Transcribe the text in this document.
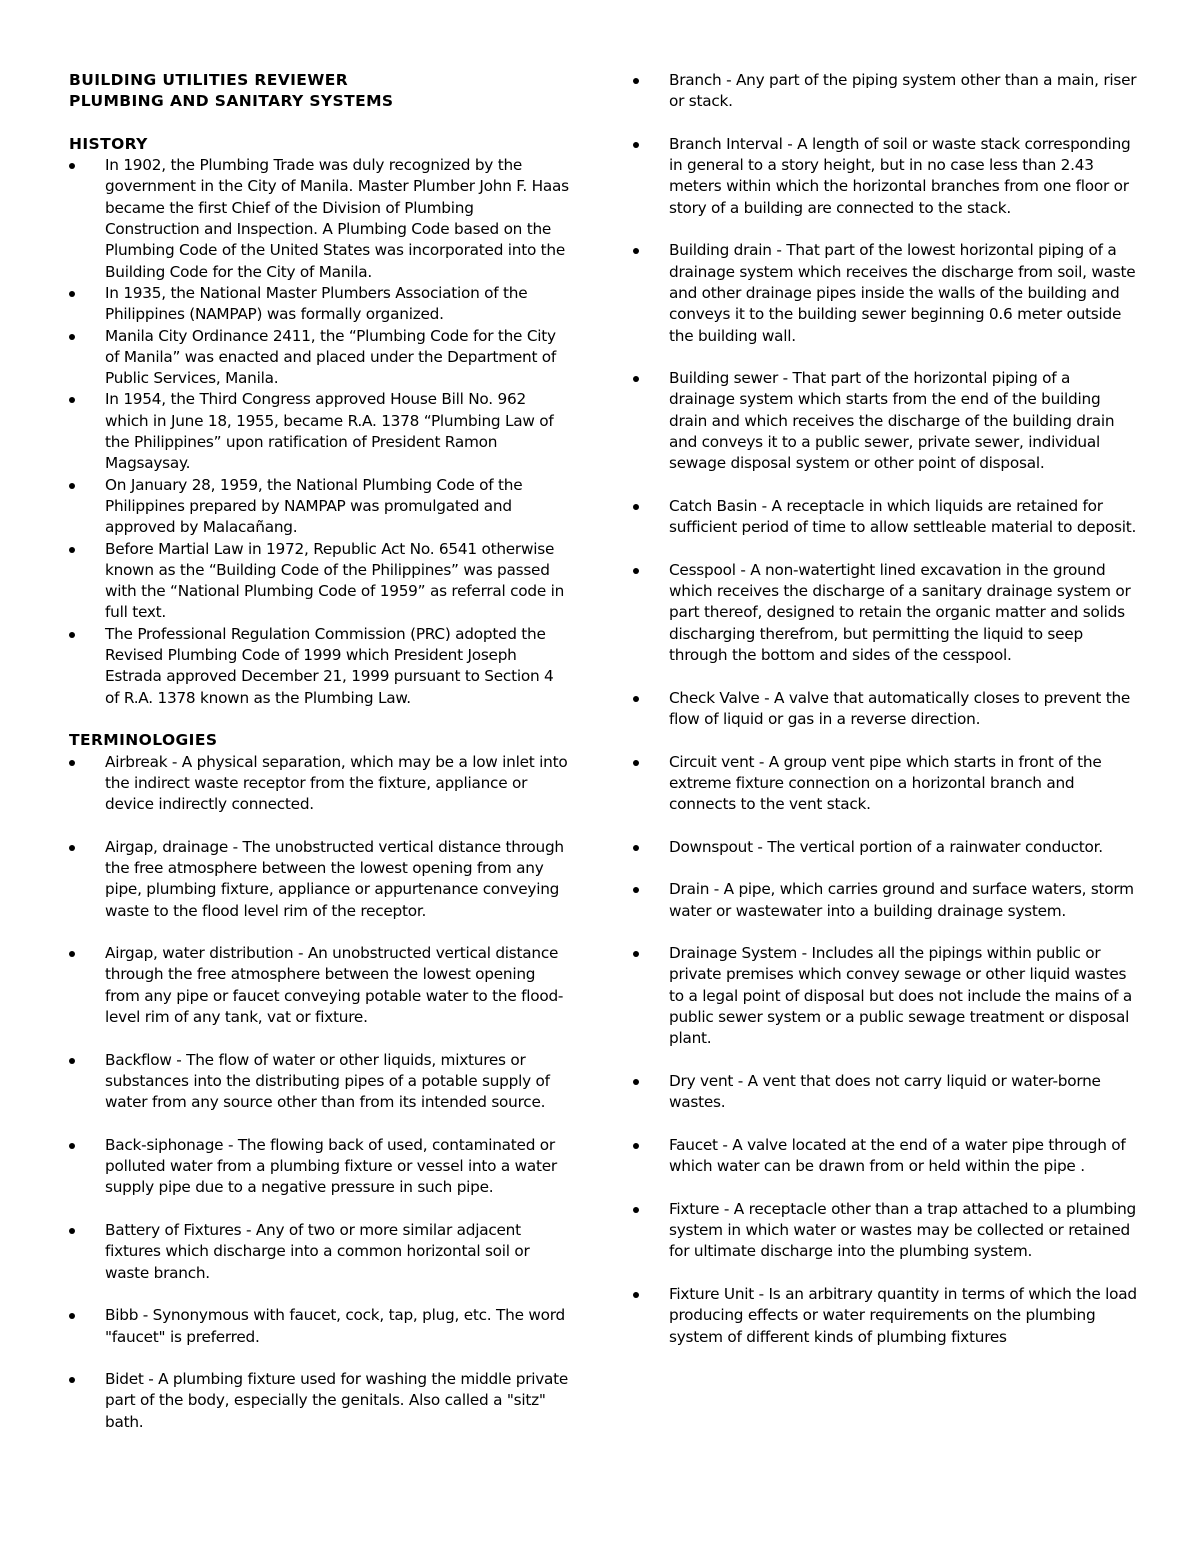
BUILDING UTILITIES REVIEWER
PLUMBING AND SANITARY SYSTEMS
HISTORY
In 1902, the Plumbing Trade was duly recognized by the government in the City of Manila. Master Plumber John F. Haas became the first Chief of the Division of Plumbing Construction and Inspection. A Plumbing Code based on the Plumbing Code of the United States was incorporated into the Building Code for the City of Manila.
In 1935, the National Master Plumbers Association of the Philippines (NAMPAP) was formally organized.
Manila City Ordinance 2411, the “Plumbing Code for the City of Manila” was enacted and placed under the Department of Public Services, Manila.
In 1954, the Third Congress approved House Bill No. 962 which in June 18, 1955, became R.A. 1378 “Plumbing Law of the Philippines” upon ratification of President Ramon Magsaysay.
On January 28, 1959, the National Plumbing Code of the Philippines prepared by NAMPAP was promulgated and approved by Malacañang.
Before Martial Law in 1972, Republic Act No. 6541 otherwise known as the “Building Code of the Philippines” was passed with the “National Plumbing Code of 1959” as referral code in full text.
The Professional Regulation Commission (PRC) adopted the Revised Plumbing Code of 1999 which President Joseph Estrada approved December 21, 1999 pursuant to Section 4 of R.A. 1378 known as the Plumbing Law.
TERMINOLOGIES
Airbreak - A physical separation, which may be a low inlet into the indirect waste receptor from the fixture, appliance or device indirectly connected.
Airgap, drainage - The unobstructed vertical distance through the free atmosphere between the lowest opening from any pipe, plumbing fixture, appliance or appurtenance conveying waste to the flood level rim of the receptor.
Airgap, water distribution - An unobstructed vertical distance through the free atmosphere between the lowest opening from any pipe or faucet conveying potable water to the flood-level rim of any tank, vat or fixture.
Backflow - The flow of water or other liquids, mixtures or substances into the distributing pipes of a potable supply of water from any source other than from its intended source.
Back-siphonage - The flowing back of used, contaminated or polluted water from a plumbing fixture or vessel into a water supply pipe due to a negative pressure in such pipe.
Battery of Fixtures - Any of two or more similar adjacent fixtures which discharge into a common horizontal soil or waste branch.
Bibb - Synonymous with faucet, cock, tap, plug, etc. The word "faucet" is preferred.
Bidet - A plumbing fixture used for washing the middle private part of the body, especially the genitals. Also called a "sitz" bath.
Branch - Any part of the piping system other than a main, riser or stack.
Branch Interval - A length of soil or waste stack corresponding in general to a story height, but in no case less than 2.43 meters within which the horizontal branches from one floor or story of a building are connected to the stack.
Building drain - That part of the lowest horizontal piping of a drainage system which receives the discharge from soil, waste and other drainage pipes inside the walls of the building and conveys it to the building sewer beginning 0.6 meter outside the building wall.
Building sewer - That part of the horizontal piping of a drainage system which starts from the end of the building drain and which receives the discharge of the building drain and conveys it to a public sewer, private sewer, individual sewage disposal system or other point of disposal.
Catch Basin - A receptacle in which liquids are retained for sufficient period of time to allow settleable material to deposit.
Cesspool - A non-watertight lined excavation in the ground which receives the discharge of a sanitary drainage system or part thereof, designed to retain the organic matter and solids discharging therefrom, but permitting the liquid to seep through the bottom and sides of the cesspool.
Check Valve - A valve that automatically closes to prevent the flow of liquid or gas in a reverse direction.
Circuit vent - A group vent pipe which starts in front of the extreme fixture connection on a horizontal branch and connects to the vent stack.
Downspout - The vertical portion of a rainwater conductor.
Drain - A pipe, which carries ground and surface waters, storm water or wastewater into a building drainage system.
Drainage System - Includes all the pipings within public or private premises which convey sewage or other liquid wastes to a legal point of disposal but does not include the mains of a public sewer system or a public sewage treatment or disposal plant.
Dry vent - A vent that does not carry liquid or water-borne wastes.
Faucet - A valve located at the end of a water pipe through of which water can be drawn from or held within the pipe .
Fixture - A receptacle other than a trap attached to a plumbing system in which water or wastes may be collected or retained for ultimate discharge into the plumbing system.
Fixture Unit - Is an arbitrary quantity in terms of which the load producing effects or water requirements on the plumbing system of different kinds of plumbing fixtures
